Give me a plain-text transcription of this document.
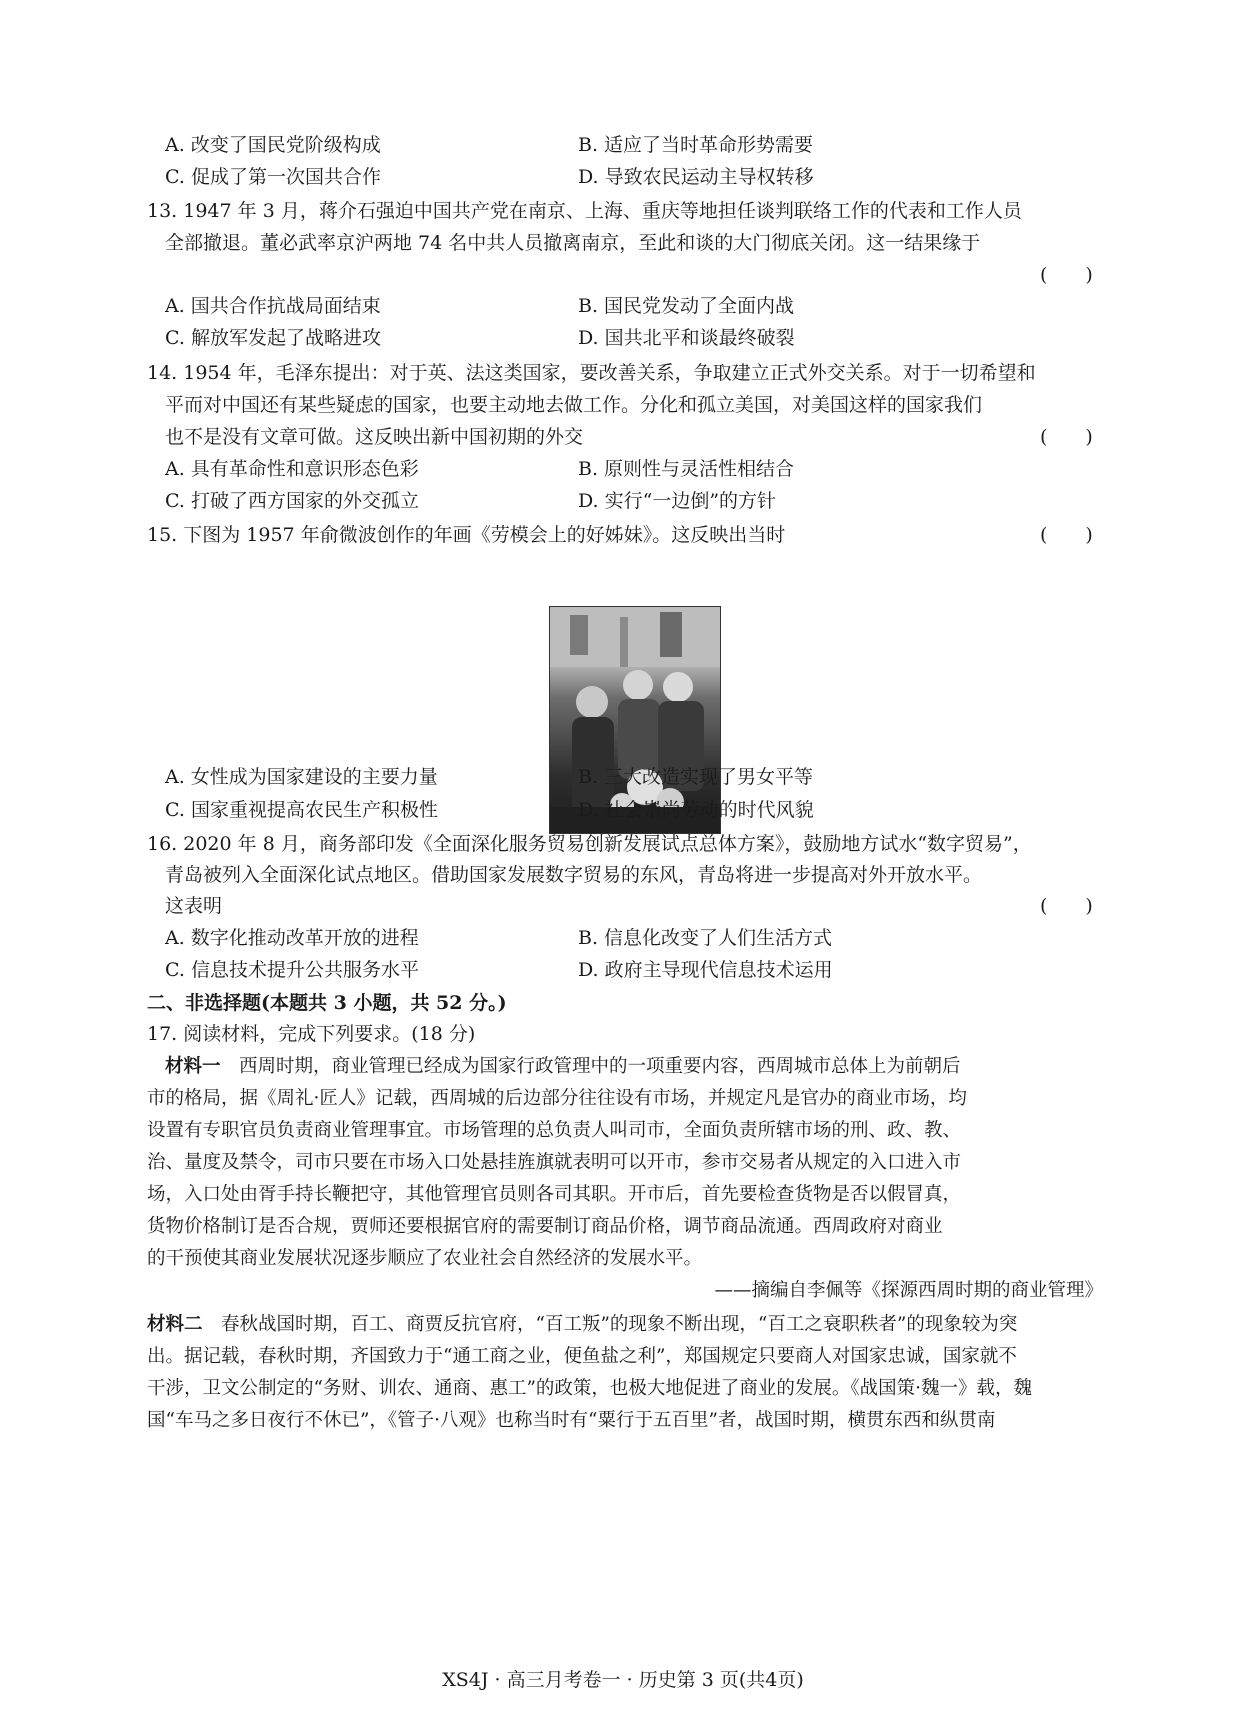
A. 改变了国民党阶级构成	B. 适应了当时革命形势需要
C. 促成了第一次国共合作	D. 导致农民运动主导权转移
13. 1947 年 3 月，蒋介石强迫中国共产党在南京、上海、重庆等地担任谈判联络工作的代表和工作人员
全部撤退。董必武率京沪两地 74 名中共人员撤离南京，至此和谈的大门彻底关闭。这一结果缘于
(　　)
A. 国共合作抗战局面结束	B. 国民党发动了全面内战
C. 解放军发起了战略进攻	D. 国共北平和谈最终破裂
14. 1954 年，毛泽东提出：对于英、法这类国家，要改善关系，争取建立正式外交关系。对于一切希望和
平而对中国还有某些疑虑的国家，也要主动地去做工作。分化和孤立美国，对美国这样的国家我们
也不是没有文章可做。这反映出新中国初期的外交	(　　)
A. 具有革命性和意识形态色彩	B. 原则性与灵活性相结合
C. 打破了西方国家的外交孤立	D. 实行“一边倒”的方针
15. 下图为 1957 年俞微波创作的年画《劳模会上的好姊妹》。这反映出当时	(　　)
A. 女性成为国家建设的主要力量	B. 三大改造实现了男女平等
C. 国家重视提高农民生产积极性	D. 社会崇尚劳动的时代风貌
16. 2020 年 8 月，商务部印发《全面深化服务贸易创新发展试点总体方案》，鼓励地方试水“数字贸易”，
青岛被列入全面深化试点地区。借助国家发展数字贸易的东风，青岛将进一步提高对外开放水平。
这表明	(　　)
A. 数字化推动改革开放的进程	B. 信息化改变了人们生活方式
C. 信息技术提升公共服务水平	D. 政府主导现代信息技术运用
二、非选择题(本题共 3 小题，共 52 分。)
17. 阅读材料，完成下列要求。(18 分)
材料一　西周时期，商业管理已经成为国家行政管理中的一项重要内容，西周城市总体上为前朝后
市的格局，据《周礼·匠人》记载，西周城的后边部分往往设有市场，并规定凡是官办的商业市场，均
设置有专职官员负责商业管理事宜。市场管理的总负责人叫司市，全面负责所辖市场的刑、政、教、
治、量度及禁令，司市只要在市场入口处悬挂旌旗就表明可以开市，参市交易者从规定的入口进入市
场，入口处由胥手持长鞭把守，其他管理官员则各司其职。开市后，首先要检查货物是否以假冒真，
货物价格制订是否合规，贾师还要根据官府的需要制订商品价格，调节商品流通。西周政府对商业
的干预使其商业发展状况逐步顺应了农业社会自然经济的发展水平。
——摘编自李佩等《探源西周时期的商业管理》
材料二　春秋战国时期，百工、商贾反抗官府，“百工叛”的现象不断出现，“百工之衰职秩者”的现象较为突
出。据记载，春秋时期，齐国致力于“通工商之业，便鱼盐之利”，郑国规定只要商人对国家忠诚，国家就不
干涉，卫文公制定的“务财、训农、通商、惠工”的政策，也极大地促进了商业的发展。《战国策·魏一》载，魏
国“车马之多日夜行不休已”，《管子·八观》也称当时有“粟行于五百里”者，战国时期，横贯东西和纵贯南
XS4J · 高三月考卷一 · 历史第 3 页(共4页)
